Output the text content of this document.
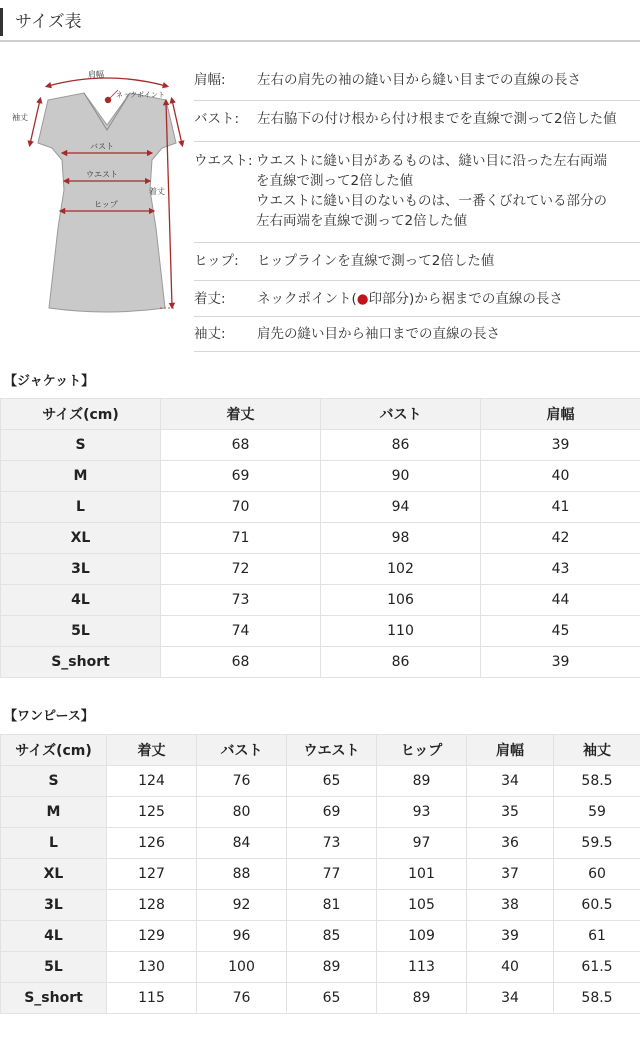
サイズ表
肩幅
ネックポイント
袖丈
バスト
ウエスト
ヒップ
着丈
肩幅: 左右の肩先の袖の縫い目から縫い目までの直線の長さ
バスト: 左右脇下の付け根から付け根までを直線で測って2倍した値
ウエスト: ウエストに縫い目があるものは、縫い目に沿った左右両端
を直線で測って2倍した値
ウエストに縫い目のないものは、一番くびれている部分の
左右両端を直線で測って2倍した値
ヒップ: ヒップラインを直線で測って2倍した値
着丈: ネックポイント(●印部分)から裾までの直線の長さ
袖丈: 肩先の縫い目から袖口までの直線の長さ
【ジャケット】
サイズ(cm)	着丈	バスト	肩幅
S	68	86	39
M	69	90	40
L	70	94	41
XL	71	98	42
3L	72	102	43
4L	73	106	44
5L	74	110	45
S_short	68	86	39
【ワンピース】
サイズ(cm)	着丈	バスト	ウエスト	ヒップ	肩幅	袖丈
S	124	76	65	89	34	58.5
M	125	80	69	93	35	59
L	126	84	73	97	36	59.5
XL	127	88	77	101	37	60
3L	128	92	81	105	38	60.5
4L	129	96	85	109	39	61
5L	130	100	89	113	40	61.5
S_short	115	76	65	89	34	58.5
